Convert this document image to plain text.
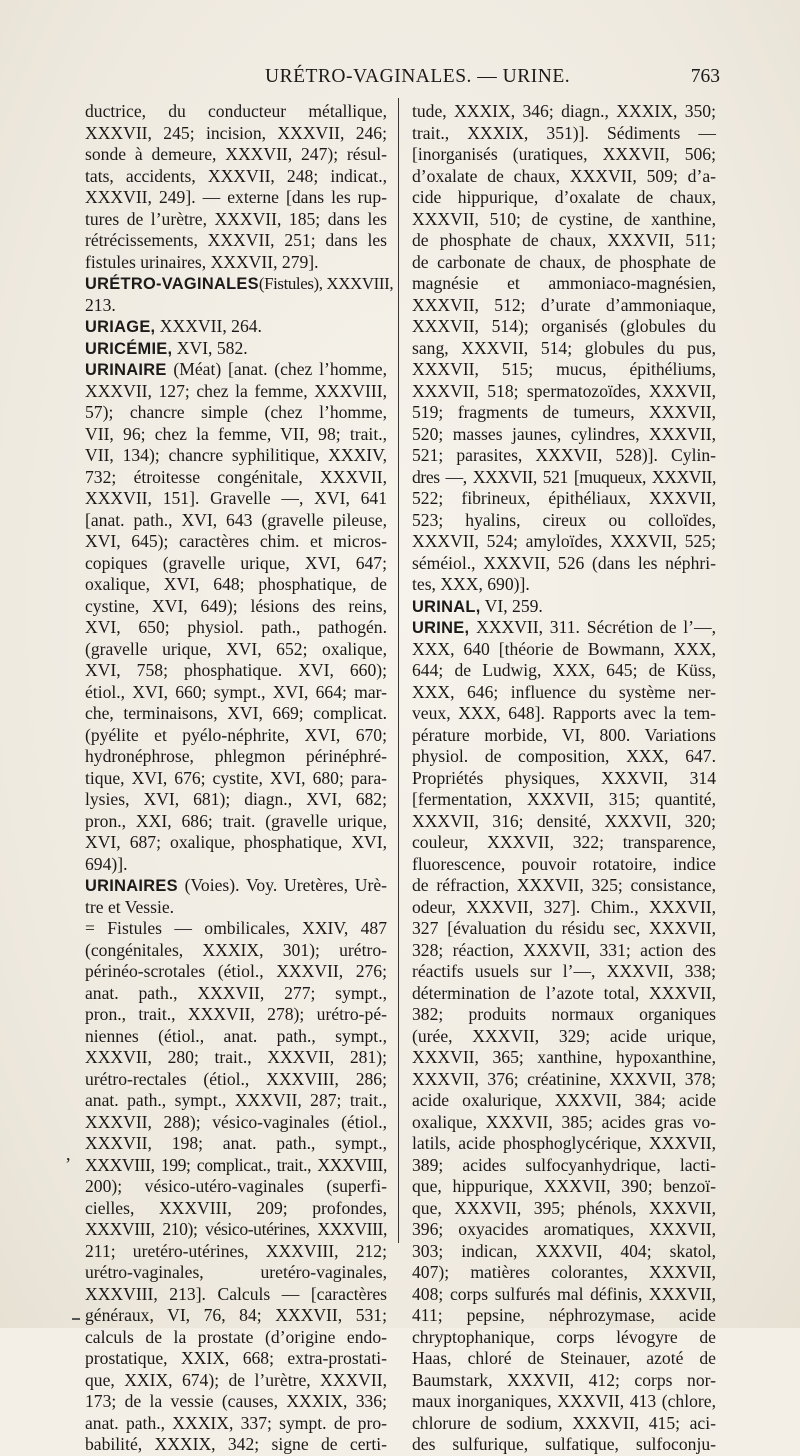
URÉTRO-VAGINALES. — URINE.	763
ductrice, du conducteur métallique,
XXXVII, 245; incision, XXXVII, 246;
sonde à demeure, XXXVII, 247); résul-
tats, accidents, XXXVII, 248; indicat.,
XXXVII, 249]. — externe [dans les rup-
tures de l’urètre, XXXVII, 185; dans les
rétrécissements, XXXVII, 251; dans les
fistules urinaires, XXXVII, 279].
URÉTRO-VAGINALES(Fistules), XXXVIII,
213.
URIAGE, XXXVII, 264.
URICÉMIE, XVI, 582.
URINAIRE (Méat) [anat. (chez l’homme,
XXXVII, 127; chez la femme, XXXVIII,
57); chancre simple (chez l’homme,
VII, 96; chez la femme, VII, 98; trait.,
VII, 134); chancre syphilitique, XXXIV,
732; étroitesse congénitale, XXXVII,
XXXVII, 151]. Gravelle —, XVI, 641
[anat. path., XVI, 643 (gravelle pileuse,
XVI, 645); caractères chim. et micros-
copiques (gravelle urique, XVI, 647;
oxalique, XVI, 648; phosphatique, de
cystine, XVI, 649); lésions des reins,
XVI, 650; physiol. path., pathogén.
(gravelle urique, XVI, 652; oxalique,
XVI, 758; phosphatique. XVI, 660);
étiol., XVI, 660; sympt., XVI, 664; mar-
che, terminaisons, XVI, 669; complicat.
(pyélite et pyélo-néphrite, XVI, 670;
hydronéphrose, phlegmon périnéphré-
tique, XVI, 676; cystite, XVI, 680; para-
lysies, XVI, 681); diagn., XVI, 682;
pron., XXI, 686; trait. (gravelle urique,
XVI, 687; oxalique, phosphatique, XVI,
694)].
URINAIRES (Voies). Voy. Uretères, Urè-
tre et Vessie.
= Fistules — ombilicales, XXIV, 487
(congénitales, XXXIX, 301); urétro-
périnéo-scrotales (étiol., XXXVII, 276;
anat. path., XXXVII, 277; sympt.,
pron., trait., XXXVII, 278); urétro-pé-
niennes (étiol., anat. path., sympt.,
XXXVII, 280; trait., XXXVII, 281);
urétro-rectales (étiol., XXXVIII, 286;
anat. path., sympt., XXXVII, 287; trait.,
XXXVII, 288); vésico-vaginales (étiol.,
XXXVII, 198; anat. path., sympt.,
XXXVIII, 199; complicat., trait., XXXVIII,
200); vésico-utéro-vaginales (superfi-
cielles, XXXVIII, 209; profondes,
XXXVIII, 210); vésico-utérines, XXXVIII,
211; uretéro-utérines, XXXVIII, 212;
urétro-vaginales, uretéro-vaginales,
XXXVIII, 213]. Calculs — [caractères
généraux, VI, 76, 84; XXXVII, 531;
calculs de la prostate (d’origine endo-
prostatique, XXIX, 668; extra-prostati-
que, XXIX, 674); de l’urètre, XXXVII,
173; de la vessie (causes, XXXIX, 336;
anat. path., XXXIX, 337; sympt. de pro-
babilité, XXXIX, 342; signe de certi-
tude, XXXIX, 346; diagn., XXXIX, 350;
trait., XXXIX, 351)]. Sédiments —
[inorganisés (uratiques, XXXVII, 506;
d’oxalate de chaux, XXXVII, 509; d’a-
cide hippurique, d’oxalate de chaux,
XXXVII, 510; de cystine, de xanthine,
de phosphate de chaux, XXXVII, 511;
de carbonate de chaux, de phosphate de
magnésie et ammoniaco-magnésien,
XXXVII, 512; d’urate d’ammoniaque,
XXXVII, 514); organisés (globules du
sang, XXXVII, 514; globules du pus,
XXXVII, 515; mucus, épithéliums,
XXXVII, 518; spermatozoïdes, XXXVII,
519; fragments de tumeurs, XXXVII,
520; masses jaunes, cylindres, XXXVII,
521; parasites, XXXVII, 528)]. Cylin-
dres —, XXXVII, 521 [muqueux, XXXVII,
522; fibrineux, épithéliaux, XXXVII,
523; hyalins, cireux ou colloïdes,
XXXVII, 524; amyloïdes, XXXVII, 525;
séméiol., XXXVII, 526 (dans les néphri-
tes, XXX, 690)].
URINAL, VI, 259.
URINE, XXXVII, 311. Sécrétion de l’—,
XXX, 640 [théorie de Bowmann, XXX,
644; de Ludwig, XXX, 645; de Küss,
XXX, 646; influence du système ner-
veux, XXX, 648]. Rapports avec la tem-
pérature morbide, VI, 800. Variations
physiol. de composition, XXX, 647.
Propriétés physiques, XXXVII, 314
[fermentation, XXXVII, 315; quantité,
XXXVII, 316; densité, XXXVII, 320;
couleur, XXXVII, 322; transparence,
fluorescence, pouvoir rotatoire, indice
de réfraction, XXXVII, 325; consistance,
odeur, XXXVII, 327]. Chim., XXXVII,
327 [évaluation du résidu sec, XXXVII,
328; réaction, XXXVII, 331; action des
réactifs usuels sur l’—, XXXVII, 338;
détermination de l’azote total, XXXVII,
382; produits normaux organiques
(urée, XXXVII, 329; acide urique,
XXXVII, 365; xanthine, hypoxanthine,
XXXVII, 376; créatinine, XXXVII, 378;
acide oxalurique, XXXVII, 384; acide
oxalique, XXXVII, 385; acides gras vo-
latils, acide phosphoglycérique, XXXVII,
389; acides sulfocyanhydrique, lacti-
que, hippurique, XXXVII, 390; benzoï-
que, XXXVII, 395; phénols, XXXVII,
396; oxyacides aromatiques, XXXVII,
303; indican, XXXVII, 404; skatol,
407); matières colorantes, XXXVII,
408; corps sulfurés mal définis, XXXVII,
411; pepsine, néphrozymase, acide
chryptophanique, corps lévogyre de
Haas, chloré de Steinauer, azoté de
Baumstark, XXXVII, 412; corps nor-
maux inorganiques, XXXVII, 413 (chlore,
chlorure de sodium, XXXVII, 415; aci-
des sulfurique, sulfatique, sulfoconju-
,
